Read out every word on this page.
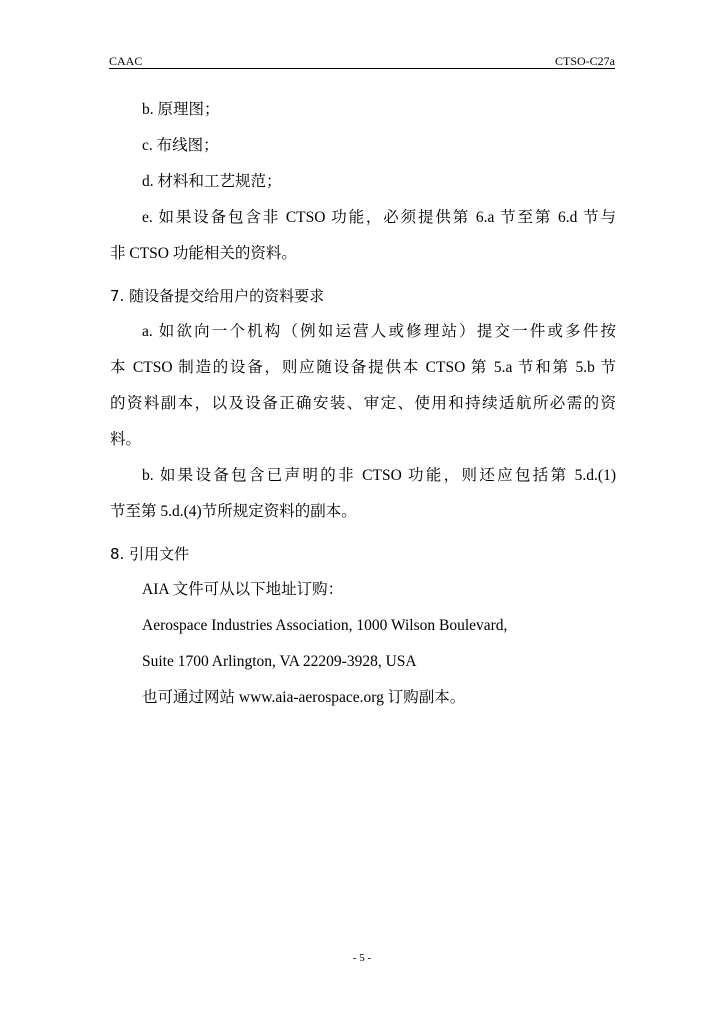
CAAC	CTSO-C27a
b. 原理图；
c. 布线图；
d. 材料和工艺规范；
e. 如果设备包含非 CTSO 功能，必须提供第 6.a 节至第 6.d 节与
非 CTSO 功能相关的资料。
7. 随设备提交给用户的资料要求
a. 如欲向一个机构（例如运营人或修理站）提交一件或多件按
本 CTSO 制造的设备，则应随设备提供本 CTSO 第 5.a 节和第 5.b 节
的资料副本，以及设备正确安装、审定、使用和持续适航所必需的资
料。
b. 如果设备包含已声明的非 CTSO 功能，则还应包括第 5.d.(1)
节至第 5.d.(4)节所规定资料的副本。
8. 引用文件
AIA 文件可从以下地址订购：
Aerospace Industries Association, 1000 Wilson Boulevard,
Suite 1700 Arlington, VA 22209-3928, USA
也可通过网站 www.aia-aerospace.org 订购副本。
- 5 -
